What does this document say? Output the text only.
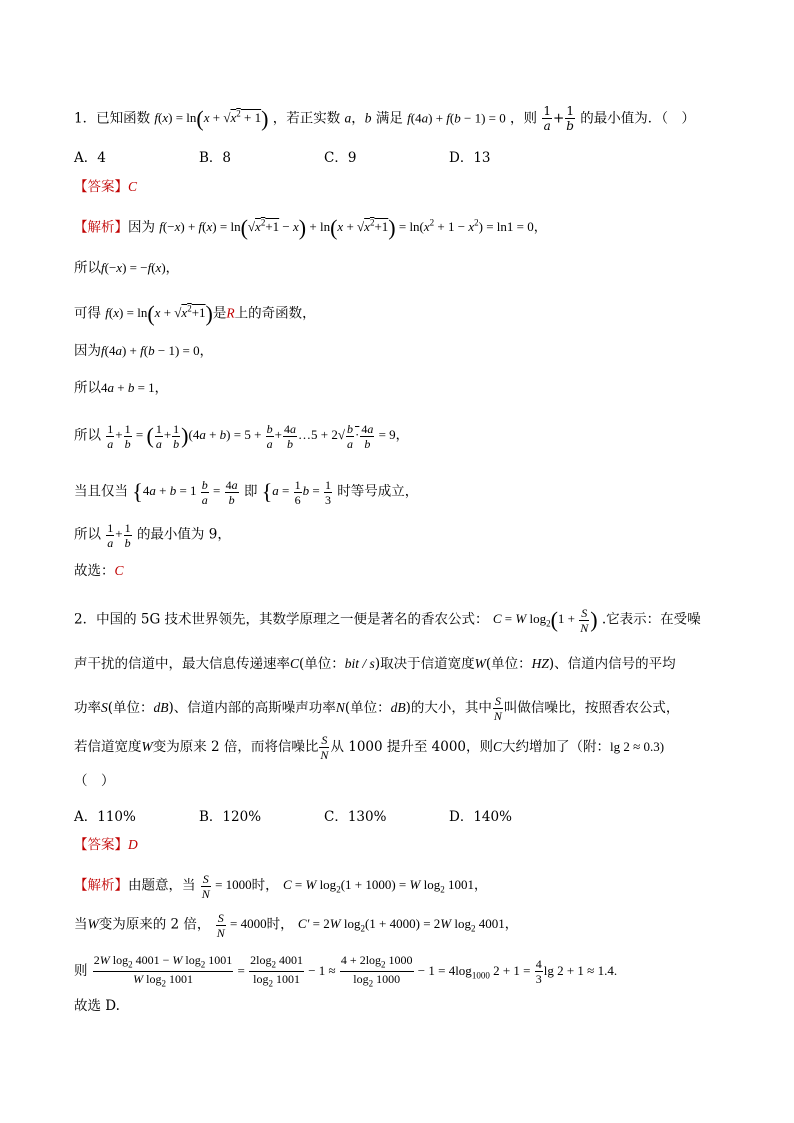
1．已知函数 $f(x) = \ln(x + √x^2 + 1)$ ，若正实数 a，b 满足 f(4a) + f(b − 1) = 0 ，则 $\frac{1}{a} + \frac{1}{b}$ 的最小值为．（　）
A．4	B．8	C．9	D．13
【答案】C
【解析】因为 $f(-x) + f(x) = \ln(√x^2+1 - x) + \ln(x + √x^2+1) = \ln(x^2 + 1 - x^2) = \ln 1 = 0$，
所以f(−x) = −f(x)，
可得 $f(x) = \ln(x + √x^2+1)$是R上的奇函数，
因为f(4a) + f(b − 1) = 0，
所以4a + b = 1，
所以 $\frac{1}{a} + \frac{1}{b}$ = ( $\frac{1}{a} + \frac{1}{b} )(4a + b) = 5 + \frac{b}{a} + \frac{4a}{b}$ …5 + $2√ \frac{b}{a} \cdot \frac{4a}{b} = 9$，
当且仅当 {$4a + b = 1 \frac{b}{a} = \frac{4a}{b}$ 即 {$a = \frac{1}{6}$ $b = \frac{1}{3}$ 时等号成立，
所以 $\frac{1}{a} + \frac{1}{b}$ 的最小值为 9，
故选：C
2．中国的 5G 技术世界领先，其数学原理之一便是著名的香农公式： C = W $\log_2(1 + \frac{S}{N}$ ) .它表示：在受噪
声干扰的信道中，最大信息传递速率C(单位：bit / s)取决于信道宽度W(单位：HZ)、信道内信号的平均
功率S(单位：dB)、信道内部的高斯噪声功率N(单位：dB)的大小，其中 $\frac{S}{N}$ 叫做信噪比，按照香农公式，
若信道宽度W变为原来 2 倍，而将信噪比 $\frac{S}{N}$ 从 1000 提升至 4000，则C大约增加了（附：lg 2 ≈ 0.3)
（　）
A．110%	B．120%	C．130%	D．140%
【答案】D
【解析】由题意，当 $\frac{S}{N} = 1000$时， C = W $\log_2(1 + 1000) = W$ $\log_2 1001$，
当W变为原来的 2 倍， $\frac{S}{N} = 4000$时， C′ = 2W $\log_2(1 + 4000) = 2W$ $\log_2 4001$，
则 $\frac{2W \log_2 4001 - W \log_2 1001}{W \log_2 1001} = \frac{2\log_2 4001}{\log_2 1001} - 1 \approx \frac{4 + 2\log_2 1000}{\log_2 1000} - 1 = 4\log_{1000}$ $2 + 1 = \frac{4}{3}$ lg 2 + 1 ≈ 1.4.
故选 D.
